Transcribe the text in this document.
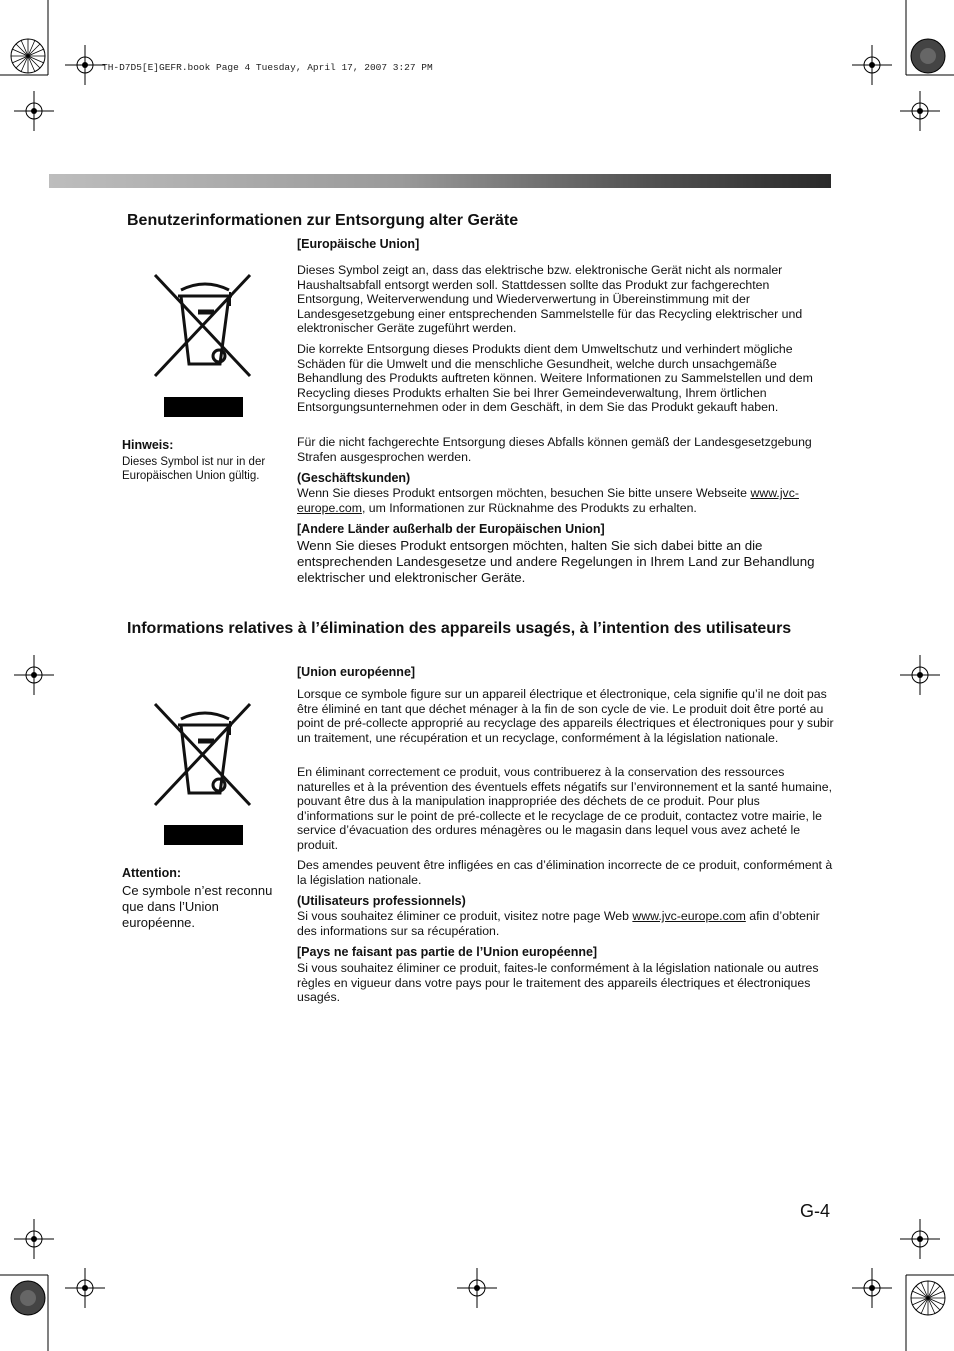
TH-D7D5[E]GEFR.book Page 4 Tuesday, April 17, 2007 3:27 PM
Benutzerinformationen zur Entsorgung alter Geräte
[Europäische Union]
Dieses Symbol zeigt an, dass das elektrische bzw. elektronische Gerät nicht als normaler Haushaltsabfall entsorgt werden soll. Stattdessen sollte das Produkt zur fachgerechten Entsorgung, Weiterverwendung und Wiederverwertung in Übereinstimmung mit der Landesgesetzgebung einer entsprechenden Sammelstelle für das Recycling elektrischer und elektronischer Geräte zugeführt werden.
Die korrekte Entsorgung dieses Produkts dient dem Umweltschutz und verhindert mögliche Schäden für die Umwelt und die menschliche Gesundheit, welche durch unsachgemäße Behandlung des Produkts auftreten können. Weitere Informationen zu Sammelstellen und dem Recycling dieses Produkts erhalten Sie bei Ihrer Gemeindeverwaltung, Ihrem örtlichen Entsorgungsunternehmen oder in dem Geschäft, in dem Sie das Produkt gekauft haben.
Für die nicht fachgerechte Entsorgung dieses Abfalls können gemäß der Landesgesetzgebung Strafen ausgesprochen werden.
(Geschäftskunden)
Wenn Sie dieses Produkt entsorgen möchten, besuchen Sie bitte unsere Webseite www.jvc-europe.com, um Informationen zur Rücknahme des Produkts zu erhalten.
[Andere Länder außerhalb der Europäischen Union]
Wenn Sie dieses Produkt entsorgen möchten, halten Sie sich dabei bitte an die entsprechenden Landesgesetze und andere Regelungen in Ihrem Land zur Behandlung elektrischer und elektronischer Geräte.
Hinweis:
Dieses Symbol ist nur in der Europäischen Union gültig.
Informations relatives à l’élimination des appareils usagés, à l’intention des utilisateurs
[Union européenne]
Lorsque ce symbole figure sur un appareil électrique et électronique, cela signifie qu’il ne doit pas être éliminé en tant que déchet ménager à la fin de son cycle de vie. Le produit doit être porté au point de pré-collecte approprié au recyclage des appareils électriques et électroniques pour y subir un traitement, une récupération et un recyclage, conformément à la législation nationale.
En éliminant correctement ce produit, vous contribuerez à la conservation des ressources naturelles et à la prévention des éventuels effets négatifs sur l’environnement et la santé humaine, pouvant être dus à la manipulation inappropriée des déchets de ce produit. Pour plus d’informations sur le point de pré-collecte et le recyclage de ce produit, contactez votre mairie, le service d’évacuation des ordures ménagères ou le magasin dans lequel vous avez acheté le produit.
Des amendes peuvent être infligées en cas d’élimination incorrecte de ce produit, conformément à la législation nationale.
(Utilisateurs professionnels)
Si vous souhaitez éliminer ce produit, visitez notre page Web www.jvc-europe.com afin d’obtenir des informations sur sa récupération.
[Pays ne faisant pas partie de l’Union européenne]
Si vous souhaitez éliminer ce produit, faites-le conformément à la législation nationale ou autres règles en vigueur dans votre pays pour le traitement des appareils électriques et électroniques usagés.
Attention:
Ce symbole n’est reconnu que dans l’Union européenne.
G-4
